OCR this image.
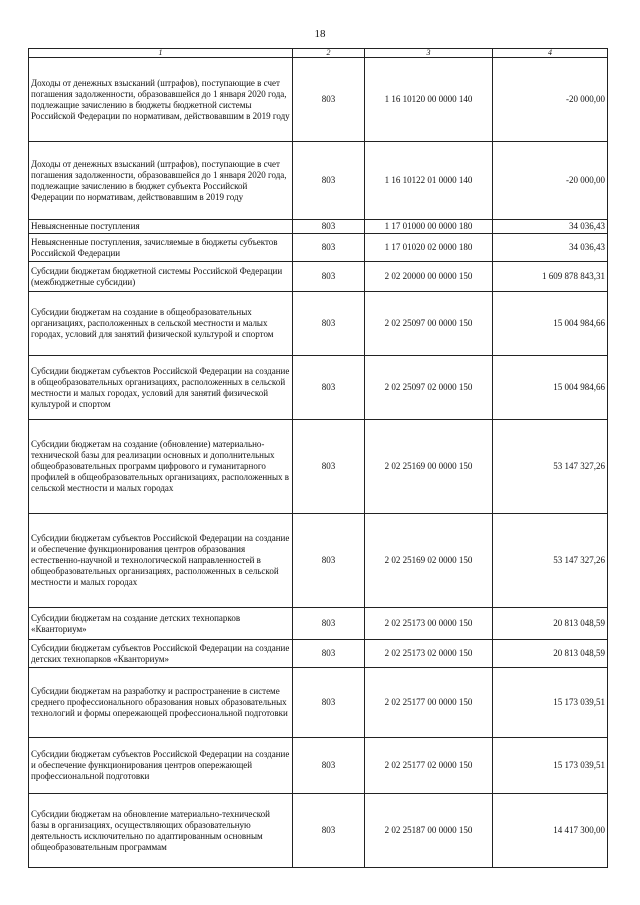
18
1	2	3	4
Доходы от денежных взысканий (штрафов), поступающие в счет погашения задолженности, образовавшейся до 1 января 2020 года, подлежащие зачислению в бюджеты бюджетной системы Российской Федерации по нормативам, действовавшим в 2019 году	803	1 16 10120 00 0000 140	-20 000,00
Доходы от денежных взысканий (штрафов), поступающие в счет погашения задолженности, образовавшейся до 1 января 2020 года, подлежащие зачислению в бюджет субъекта Российской Федерации по нормативам, действовавшим в 2019 году	803	1 16 10122 01 0000 140	-20 000,00
Невыясненные поступления	803	1 17 01000 00 0000 180	34 036,43
Невыясненные поступления, зачисляемые в бюджеты субъектов Российской Федерации	803	1 17 01020 02 0000 180	34 036,43
Субсидии бюджетам бюджетной системы Российской Федерации (межбюджетные субсидии)	803	2 02 20000 00 0000 150	1 609 878 843,31
Субсидии бюджетам на создание в общеобразовательных организациях, расположенных в сельской местности и малых городах, условий для занятий физической культурой и спортом	803	2 02 25097 00 0000 150	15 004 984,66
Субсидии бюджетам субъектов Российской Федерации на создание в общеобразовательных организациях, расположенных в сельской местности и малых городах, условий для занятий физической культурой и спортом	803	2 02 25097 02 0000 150	15 004 984,66
Субсидии бюджетам на создание (обновление) материально-технической базы для реализации основных и дополнительных общеобразовательных программ цифрового и гуманитарного профилей в общеобразовательных организациях, расположенных в сельской местности и малых городах	803	2 02 25169 00 0000 150	53 147 327,26
Субсидии бюджетам субъектов Российской Федерации на создание и обеспечение функционирования центров образования естественно-научной и технологической направленностей в общеобразовательных организациях, расположенных в сельской местности и малых городах	803	2 02 25169 02 0000 150	53 147 327,26
Субсидии бюджетам на создание детских технопарков «Кванториум»	803	2 02 25173 00 0000 150	20 813 048,59
Субсидии бюджетам субъектов Российской Федерации на создание детских технопарков «Кванториум»	803	2 02 25173 02 0000 150	20 813 048,59
Субсидии бюджетам на разработку и распространение в системе среднего профессионального образования новых образовательных технологий и формы опережающей профессиональной подготовки	803	2 02 25177 00 0000 150	15 173 039,51
Субсидии бюджетам субъектов Российской Федерации на создание и обеспечение функционирования центров опережающей профессиональной подготовки	803	2 02 25177 02 0000 150	15 173 039,51
Субсидии бюджетам на обновление материально-технической базы в организациях, осуществляющих образовательную деятельность исключительно по адаптированным основным общеобразовательным программам	803	2 02 25187 00 0000 150	14 417 300,00
